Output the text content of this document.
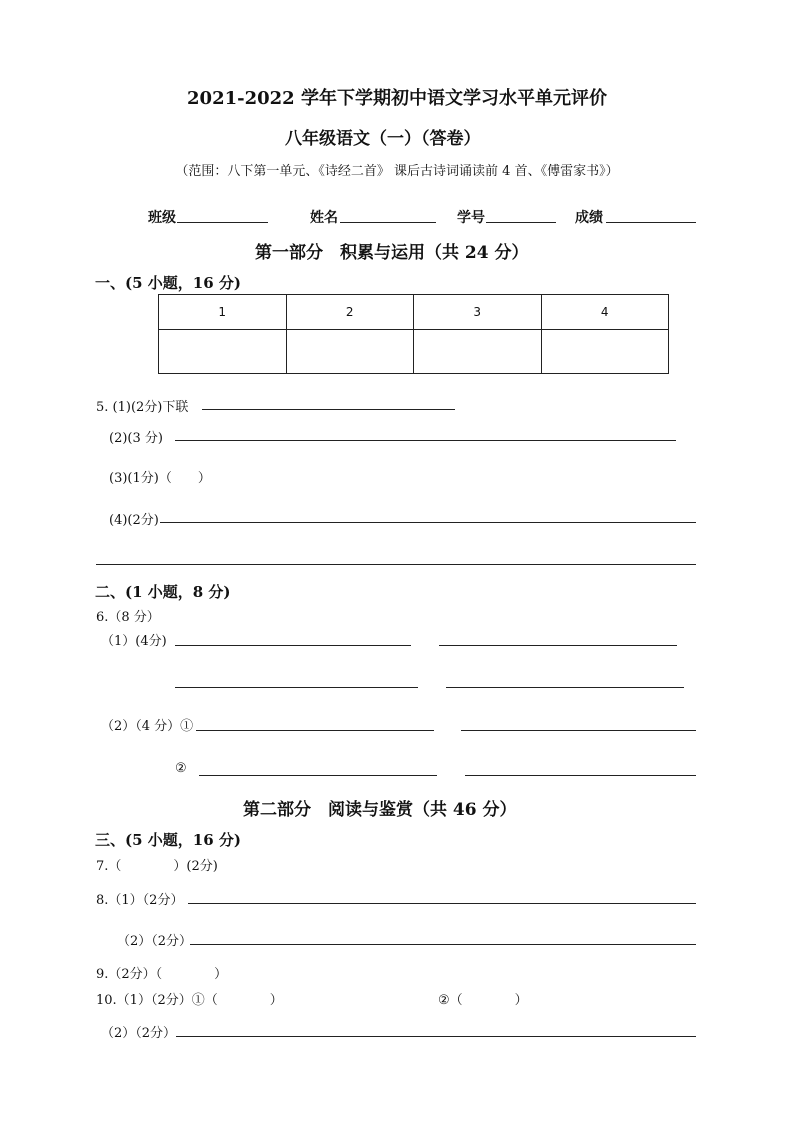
2021-2022 学年下学期初中语文学习水平单元评价
八年级语文（一）（答卷）
（范围：八下第一单元、《诗经二首》 课后古诗词诵读前 4 首、《傅雷家书》）
班级	姓名	学号	成绩
第一部分　积累与运用（共 24 分）
一、(5 小题，16 分)
1	2	3	4

5. (1)(2分)下联
(2)(3 分)
(3)(1分)（　　）
(4)(2分)
二、(1 小题，8 分)
6.（8 分）
（1）(4分)
（2）（4 分）①
②
第二部分　阅读与鉴赏（共 46 分）
三、(5 小题，16 分)
7.（　　　　）(2分)
8.（1）（2分）
（2）（2分）
9.（2分）（　　　　）
10.（1）（2分）①（　　　　）	②（　　　　）
（2）（2分）
